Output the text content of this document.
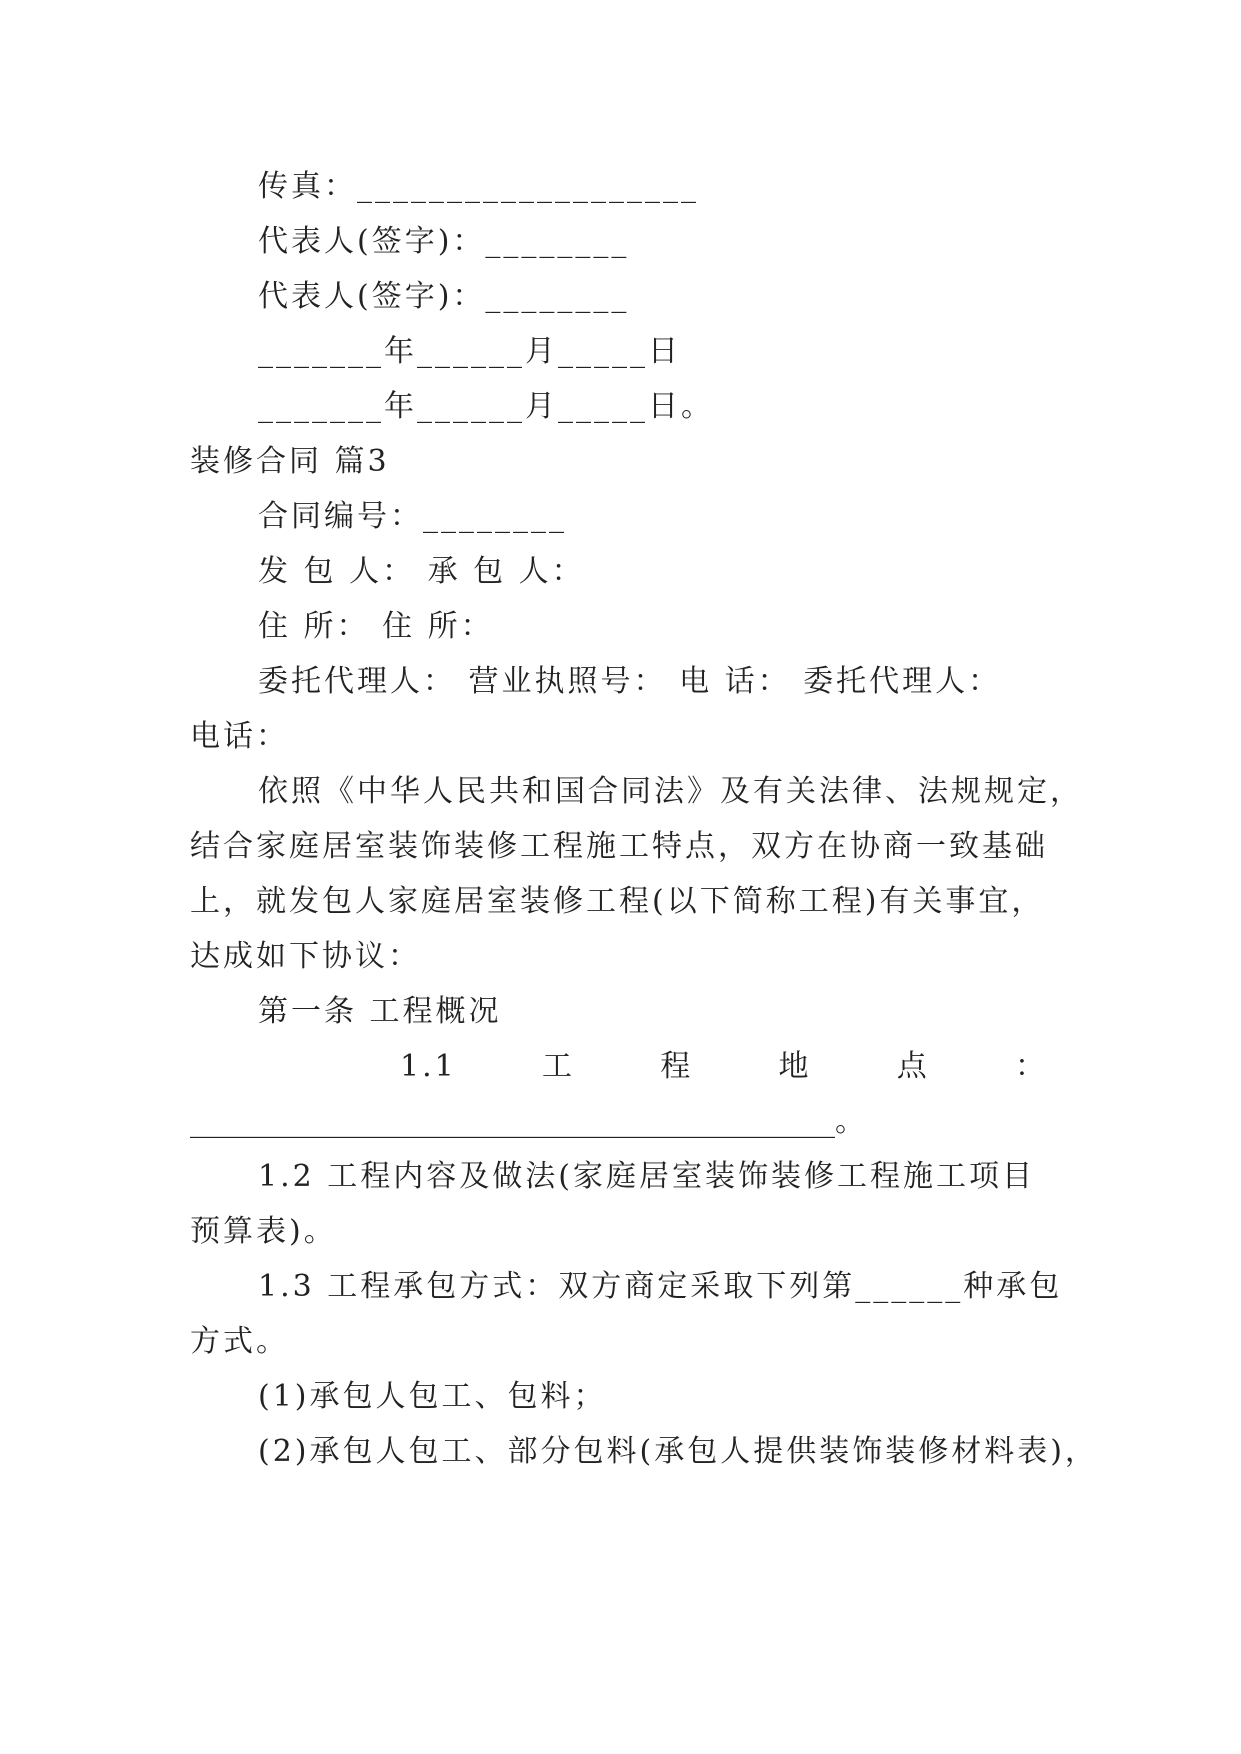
传真：___________________
代表人(签字)：________
代表人(签字)：________
_______年______月_____日
_______年______月_____日。
装修合同 篇3
合同编号：________
发 包 人： 承 包 人：
住 所： 住 所：
委托代理人： 营业执照号： 电 话： 委托代理人：
电话：
依照《中华人民共和国合同法》及有关法律、法规规定，
结合家庭居室装饰装修工程施工特点，双方在协商一致基础
上，就发包人家庭居室装修工程(以下简称工程)有关事宜，
达成如下协议：
第一条 工程概况
1.1	工	程	地	点	：
___________________________________________。
1.2 工程内容及做法(家庭居室装饰装修工程施工项目
预算表)。
1.3 工程承包方式：双方商定采取下列第______种承包
方式。
(1)承包人包工、包料；
(2)承包人包工、部分包料(承包人提供装饰装修材料表)，
